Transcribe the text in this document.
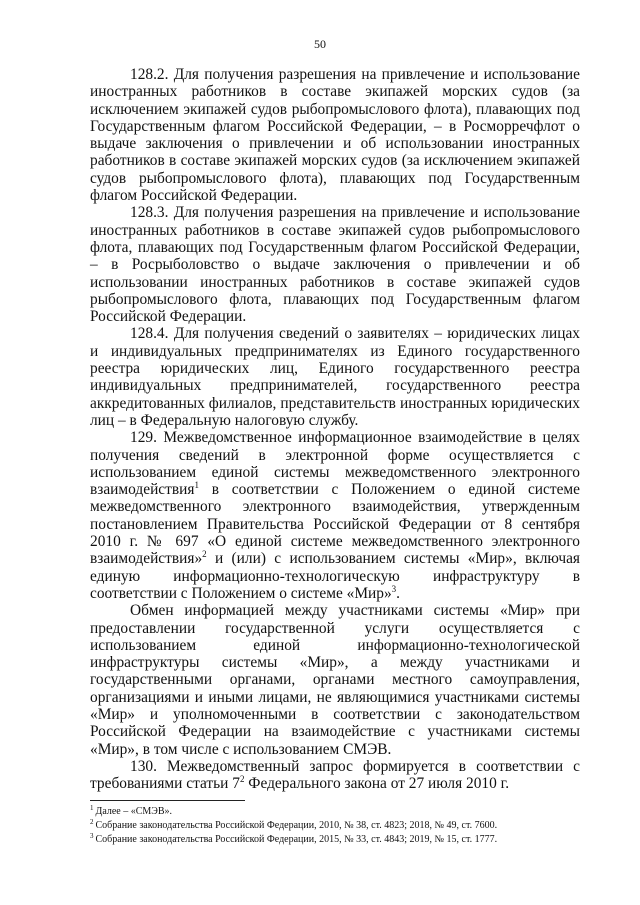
50

128.2. Для получения разрешения на привлечение и использование иностранных работников в составе экипажей морских судов (за исключением экипажей судов рыбопромыслового флота), плавающих под Государственным флагом Российской Федерации, – в Росморречфлот о выдаче заключения о привлечении и об использовании иностранных работников в составе экипажей морских судов (за исключением экипажей судов рыбопромыслового флота), плавающих под Государственным флагом Российской Федерации.

128.3. Для получения разрешения на привлечение и использование иностранных работников в составе экипажей судов рыбопромыслового флота, плавающих под Государственным флагом Российской Федерации, – в Росрыболовство о выдаче заключения о привлечении и об использовании иностранных работников в составе экипажей судов рыбопромыслового флота, плавающих под Государственным флагом Российской Федерации.

128.4. Для получения сведений о заявителях – юридических лицах и индивидуальных предпринимателях из Единого государственного реестра юридических лиц, Единого государственного реестра индивидуальных предпринимателей, государственного реестра аккредитованных филиалов, представительств иностранных юридических лиц – в Федеральную налоговую службу.

129. Межведомственное информационное взаимодействие в целях получения сведений в электронной форме осуществляется с использованием единой системы межведомственного электронного взаимодействия$^1$ в соответствии с Положением о единой системе межведомственного электронного взаимодействия, утвержденным постановлением Правительства Российской Федерации от 8 сентября 2010 г. № 697 «О единой системе межведомственного электронного взаимодействия»$^2$ и (или) с использованием системы «Мир», включая единую информационно-технологическую инфраструктуру в соответствии с Положением о системе «Мир»$^3$.

Обмен информацией между участниками системы «Мир» при предоставлении государственной услуги осуществляется с использованием единой информационно-технологической инфраструктуры системы «Мир», а между участниками и государственными органами, органами местного самоуправления, организациями и иными лицами, не являющимися участниками системы «Мир» и уполномоченными в соответствии с законодательством Российской Федерации на взаимодействие с участниками системы «Мир», в том числе с использованием СМЭВ.

130. Межведомственный запрос формируется в соответствии с требованиями статьи $7^2$ Федерального закона от 27 июля 2010 г.

$^1$ Далее – «СМЭВ».

$^2$ Собрание законодательства Российской Федерации, 2010, № 38, ст. 4823; 2018, № 49, ст. 7600.

$^3$ Собрание законодательства Российской Федерации, 2015, № 33, ст. 4843; 2019, № 15, ст. 1777.
